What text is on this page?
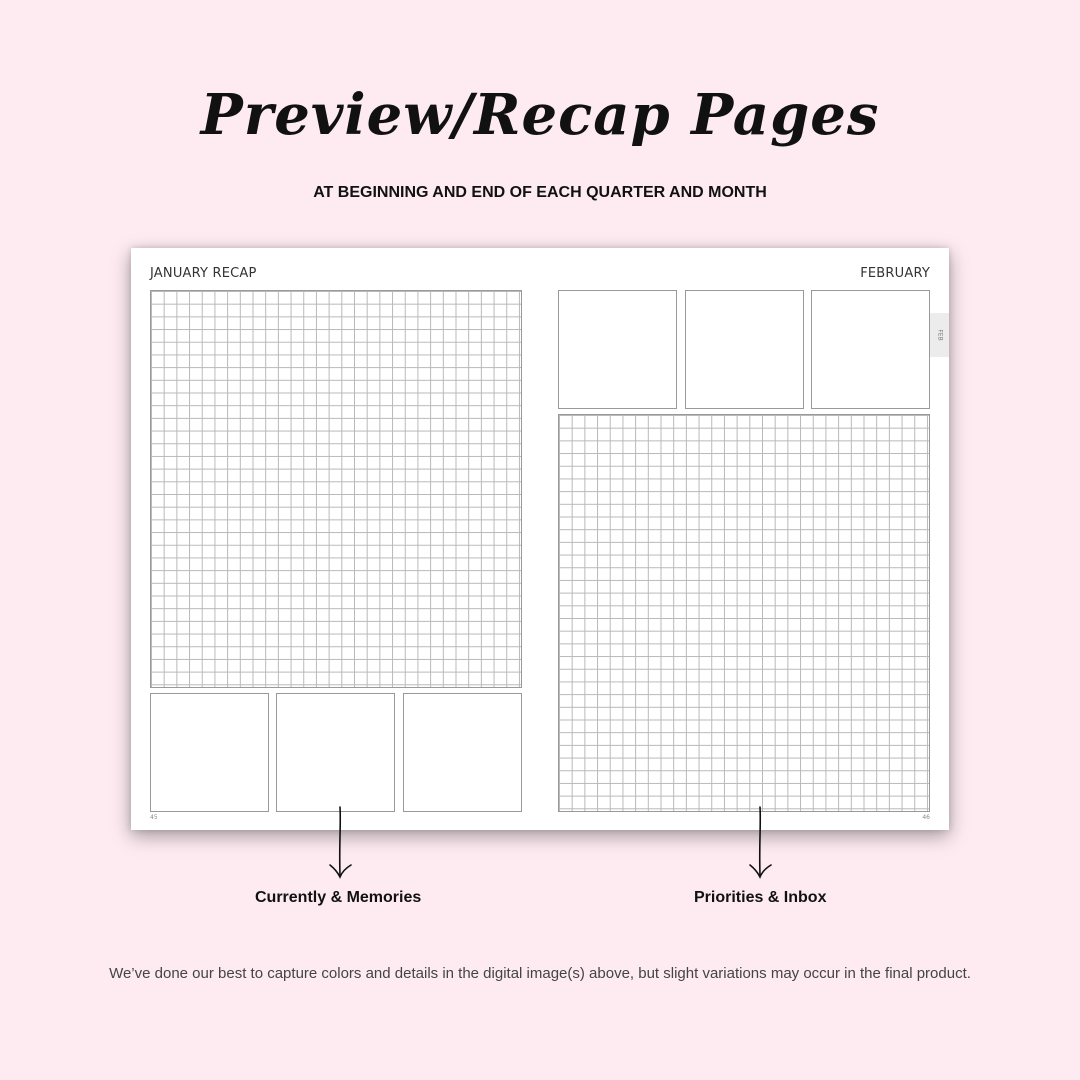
Preview/Recap Pages
AT BEGINNING AND END OF EACH QUARTER AND MONTH
JANUARY RECAP
45
FEBRUARY
46
FEB
Currently & Memories	Priorities & Inbox
We’ve done our best to capture colors and details in the digital image(s) above, but slight variations may occur in the final product.
